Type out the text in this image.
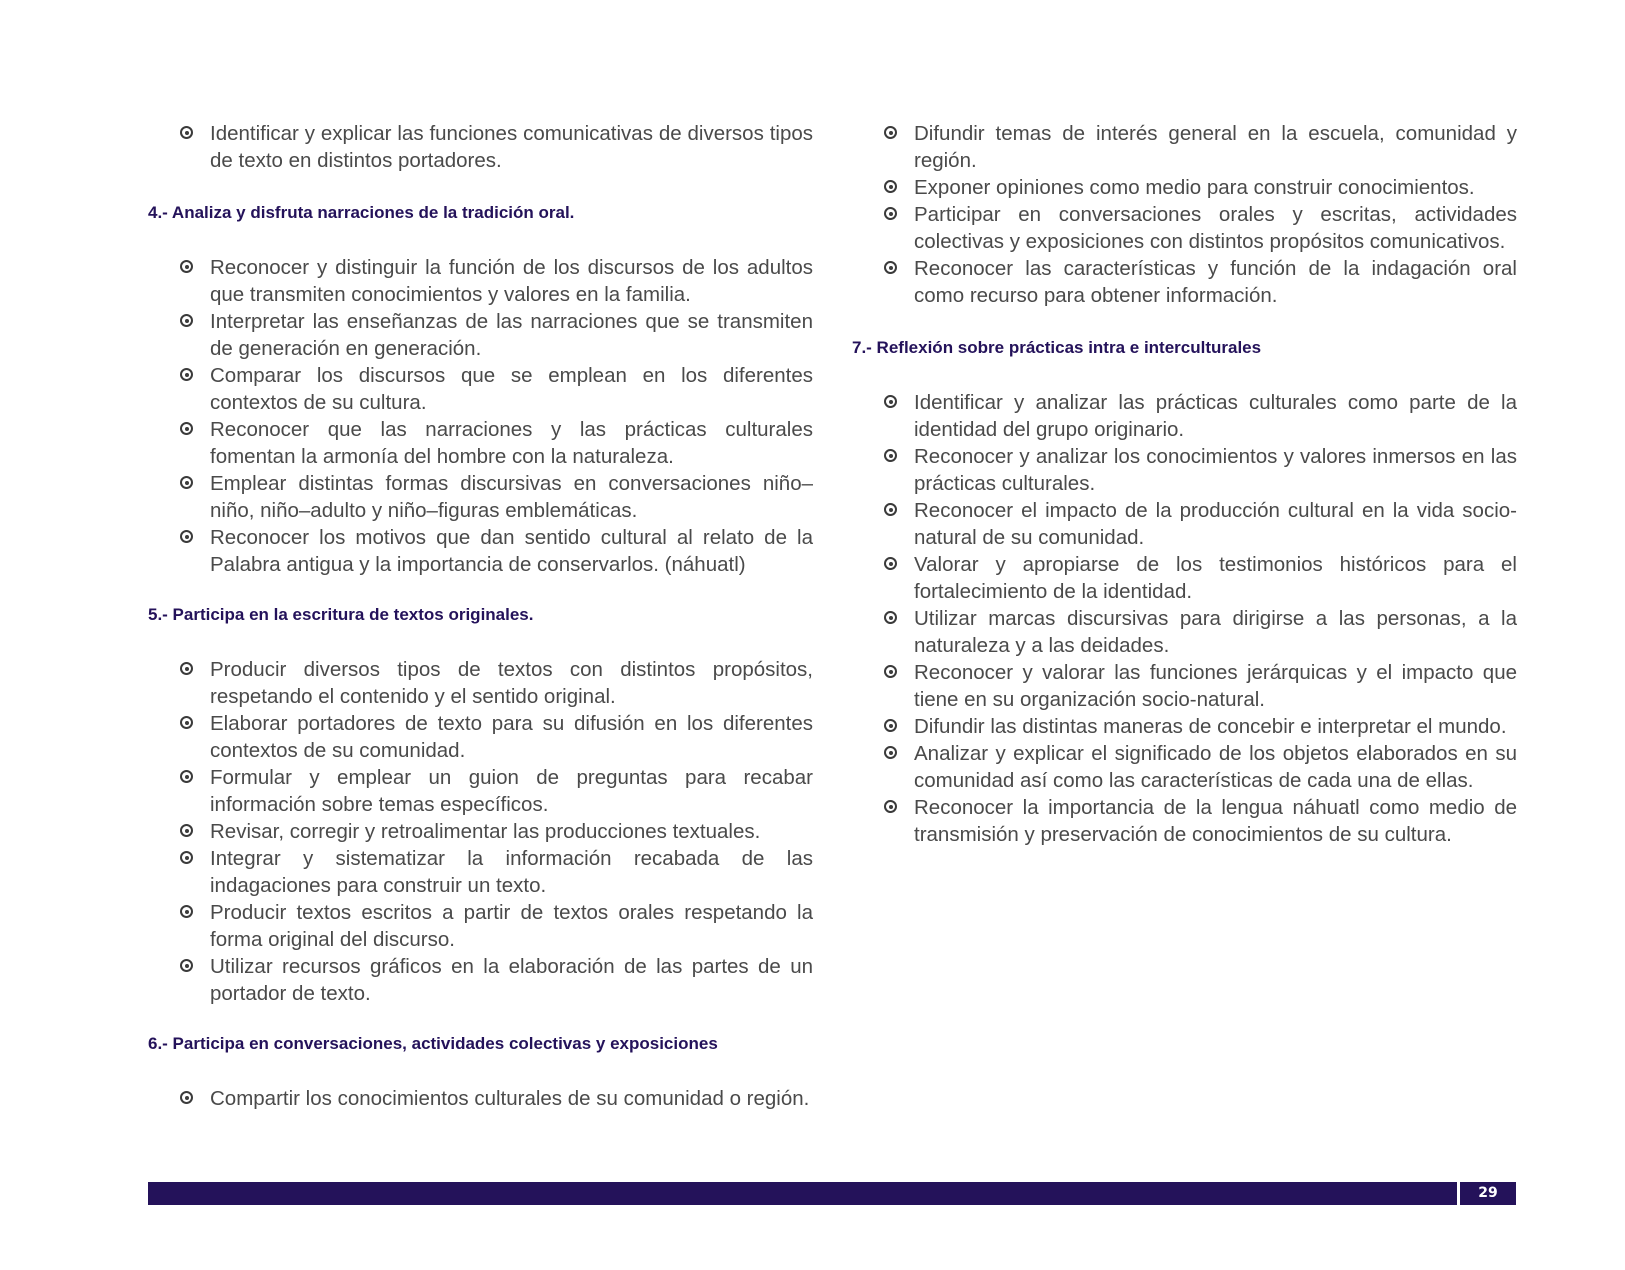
Identificar y explicar las funciones comunicativas de diversos tipos de texto en distintos portadores.
4.- Analiza y disfruta narraciones de la tradición oral.
Reconocer y distinguir la función de los discursos de los adultos que transmiten conocimientos y valores en la familia.
Interpretar las enseñanzas de las narraciones que se transmiten de generación en generación.
Comparar los discursos que se emplean en los diferentes contextos de su cultura.
Reconocer que las narraciones y las prácticas culturales fomentan la armonía del hombre con la naturaleza.
Emplear distintas formas discursivas en conversaciones niño–niño, niño–adulto y niño–figuras emblemáticas.
Reconocer los motivos que dan sentido cultural al relato de la Palabra antigua y la importancia de conservarlos. (náhuatl)
5.- Participa en la escritura de textos originales.
Producir diversos tipos de textos con distintos propósitos, respetando el contenido y el sentido original.
Elaborar portadores de texto para su difusión en los diferentes contextos de su comunidad.
Formular y emplear un guion de preguntas para recabar información sobre temas específicos.
Revisar, corregir y retroalimentar las producciones textuales.
Integrar y sistematizar la información recabada de las indagaciones para construir un texto.
Producir textos escritos a partir de textos orales respetando la forma original del discurso.
Utilizar recursos gráficos en la elaboración de las partes de un portador de texto.
6.- Participa en conversaciones, actividades colectivas y exposiciones
Compartir los conocimientos culturales de su comunidad o región.
Difundir temas de interés general en la escuela, comunidad y región.
Exponer opiniones como medio para construir conocimientos.
Participar en conversaciones orales y escritas, actividades colectivas y exposiciones con distintos propósitos comunicativos.
Reconocer las características y función de la indagación oral como recurso para obtener información.
7.- Reflexión sobre prácticas intra e interculturales
Identificar y analizar las prácticas culturales como parte de la identidad del grupo originario.
Reconocer y analizar los conocimientos y valores inmersos en las prácticas culturales.
Reconocer el impacto de la producción cultural en la vida socio-natural de su comunidad.
Valorar y apropiarse de los testimonios históricos para el fortalecimiento de la identidad.
Utilizar marcas discursivas para dirigirse a las personas, a la naturaleza y a las deidades.
Reconocer y valorar las funciones jerárquicas y el impacto que tiene en su organización socio-natural.
Difundir las distintas maneras de concebir e interpretar el mundo.
Analizar y explicar el significado de los objetos elaborados en su comunidad así como las características de cada una de ellas.
Reconocer la importancia de la lengua náhuatl como medio de transmisión y preservación de conocimientos de su cultura.
29
